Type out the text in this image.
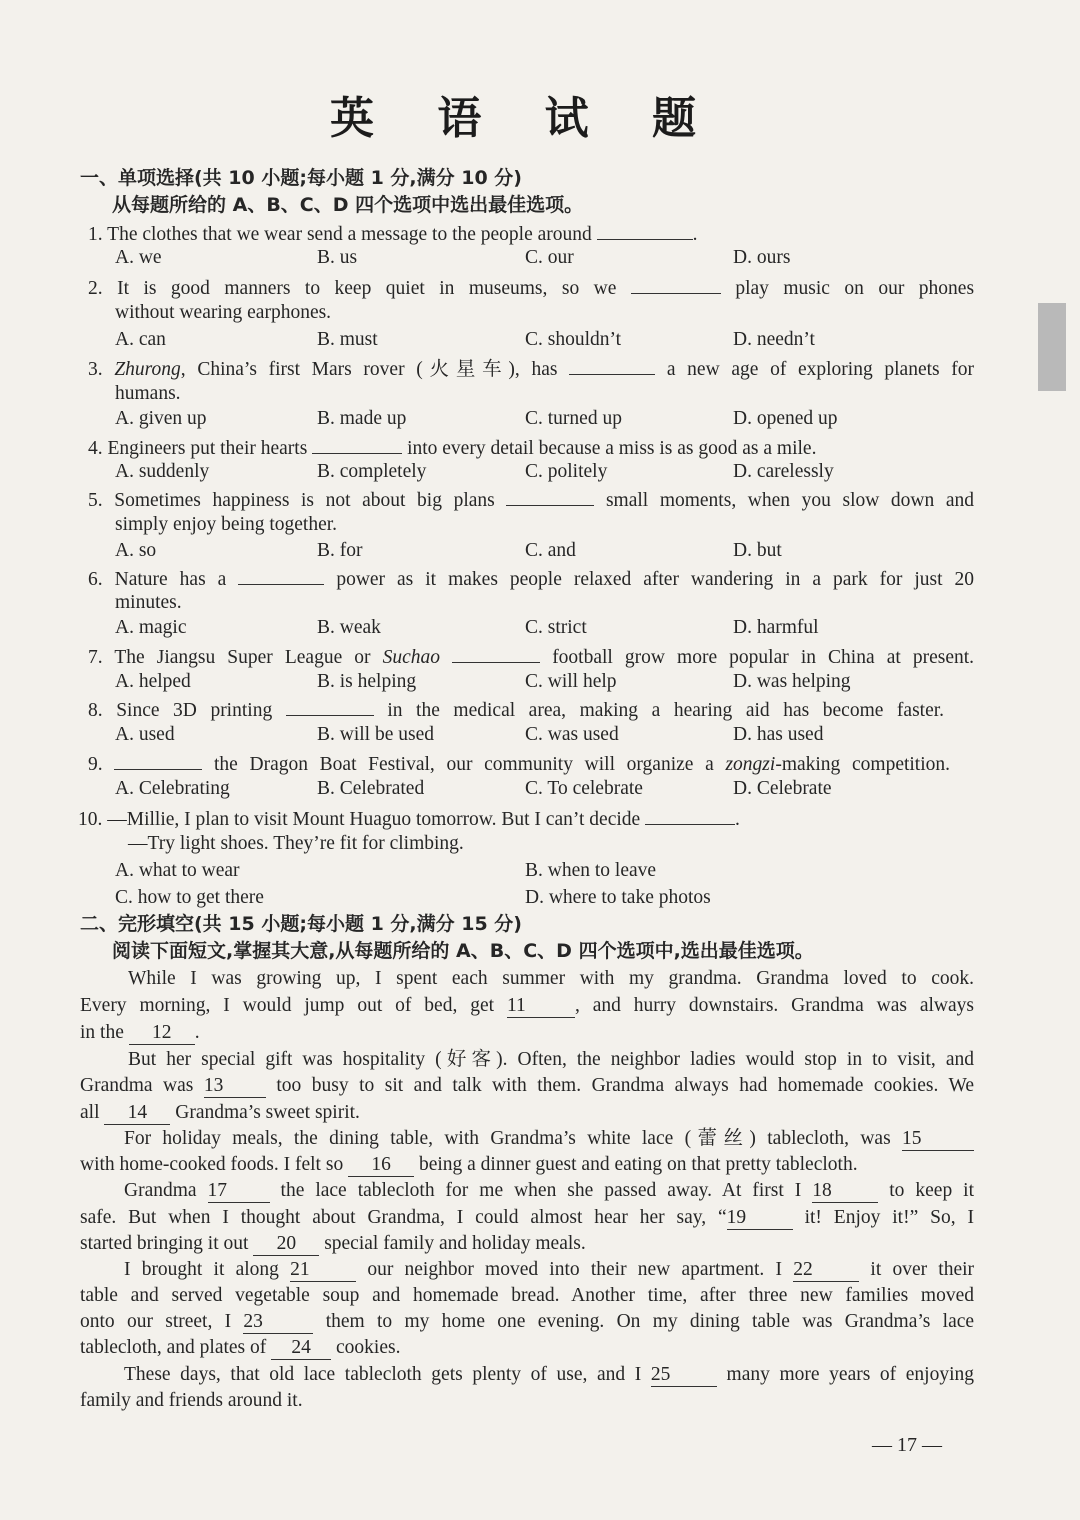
英 语 试 题
一、单项选择(共 10 小题;每小题 1 分,满分 10 分)
从每题所给的 A、B、C、D 四个选项中选出最佳选项。
1. The clothes that we wear send a message to the people around	.
A. we	B. us	C. our	D. ours
2. It is good manners to keep quiet in museums, so we	play music on our phones
without wearing earphones.
A. can	B. must	C. shouldn’t	D. needn’t
3. Zhurong, China’s first Mars rover (火星车), has	a new age of exploring planets for
humans.
A. given up	B. made up	C. turned up	D. opened up
4. Engineers put their hearts	into every detail because a miss is as good as a mile.
A. suddenly	B. completely	C. politely	D. carelessly
5. Sometimes happiness is not about big plans	small moments, when you slow down and
simply enjoy being together.
A. so	B. for	C. and	D. but
6. Nature has a	power as it makes people relaxed after wandering in a park for just 20
minutes.
A. magic	B. weak	C. strict	D. harmful
7. The Jiangsu Super League or Suchao	football grow more popular in China at present.
A. helped	B. is helping	C. will help	D. was helping
8. Since 3D printing	in the medical area, making a hearing aid has become faster.
A. used	B. will be used	C. was used	D. has used
9.	the Dragon Boat Festival, our community will organize a zongzi-making competition.
A. Celebrating	B. Celebrated	C. To celebrate	D. Celebrate
10. —Millie, I plan to visit Mount Huaguo tomorrow. But I can’t decide	.
—Try light shoes. They’re fit for climbing.
A. what to wear	B. when to leave
C. how to get there	D. where to take photos
二、完形填空(共 15 小题;每小题 1 分,满分 15 分)
阅读下面短文,掌握其大意,从每题所给的 A、B、C、D 四个选项中,选出最佳选项。
While I was growing up, I spent each summer with my grandma. Grandma loved to cook.
Every morning, I would jump out of bed, get 11	, and hurry downstairs. Grandma was always
in the 12 .
But her special gift was hospitality (好客). Often, the neighbor ladies would stop in to visit, and
Grandma was 13	too busy to sit and talk with them. Grandma always had homemade cookies. We
all 14 Grandma’s sweet spirit.
For holiday meals, the dining table, with Grandma’s white lace (蕾丝) tablecloth, was 15
with home-cooked foods. I felt so 16 being a dinner guest and eating on that pretty tablecloth.
Grandma 17	the lace tablecloth for me when she passed away. At first I 18	to keep it
safe. But when I thought about Grandma, I could almost hear her say, “19	it! Enjoy it!” So, I
started bringing it out 20 special family and holiday meals.
I brought it along 21	our neighbor moved into their new apartment. I 22	it over their
table and served vegetable soup and homemade bread. Another time, after three new families moved
onto our street, I 23	them to my home one evening. On my dining table was Grandma’s lace
tablecloth, and plates of 24 cookies.
These days, that old lace tablecloth gets plenty of use, and I 25	many more years of enjoying
family and friends around it.
— 17 —
